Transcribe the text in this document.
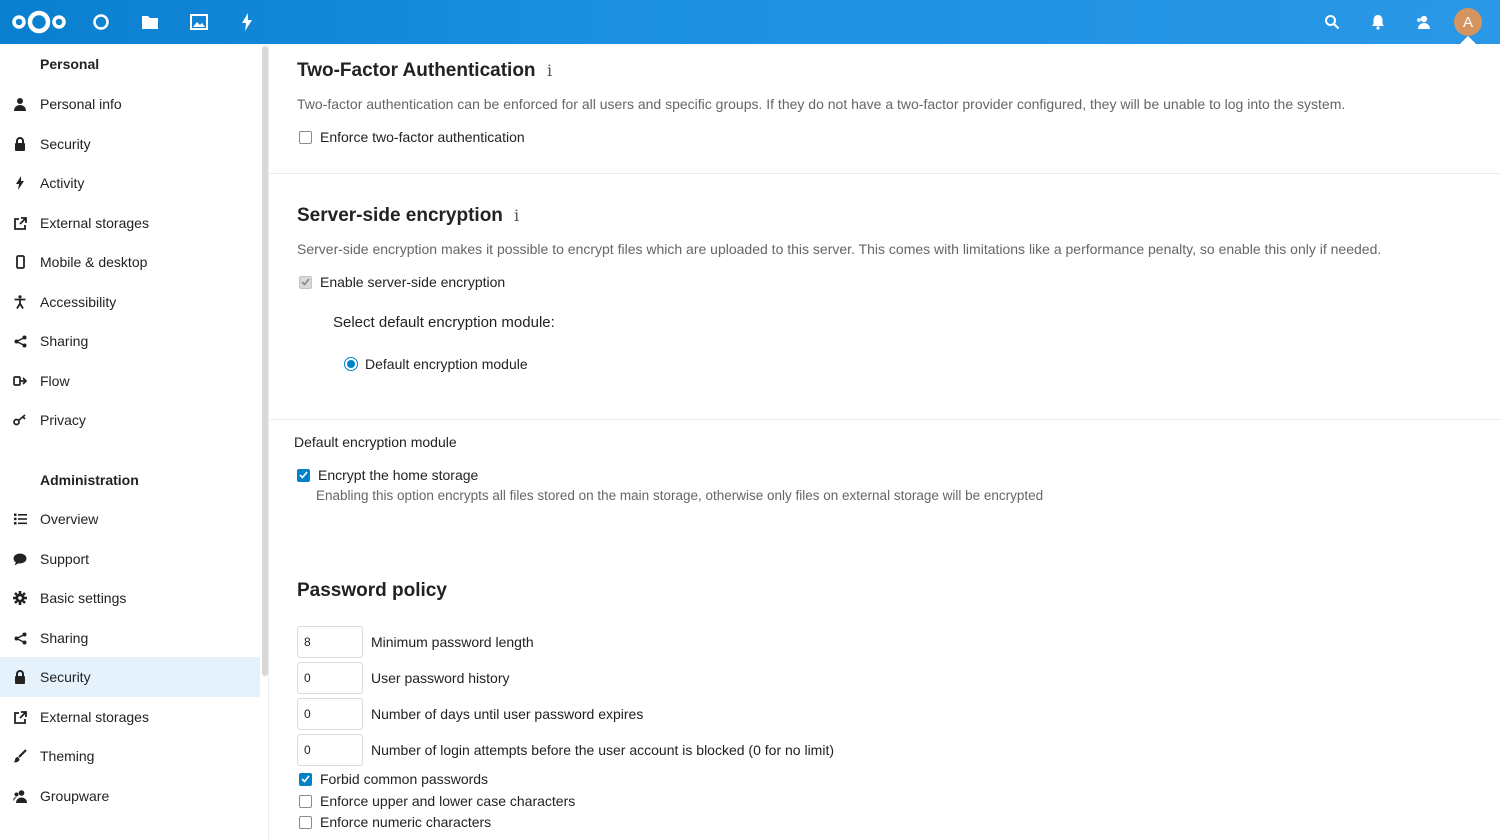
A
Personal
Personal info
Security
Activity
External storages
Mobile & desktop
Accessibility
Sharing
Flow
Privacy
Administration
Overview
Support
Basic settings
Sharing
Security
External storages
Theming
Groupware
Two-Factor Authentication i
Two-factor authentication can be enforced for all users and specific groups. If they do not have a two-factor provider configured, they will be unable to log into the system.
Enforce two-factor authentication
Server-side encryption i
Server-side encryption makes it possible to encrypt files which are uploaded to this server. This comes with limitations like a performance penalty, so enable this only if needed.
Enable server-side encryption
Select default encryption module:
Default encryption module
Default encryption module
Encrypt the home storage
Enabling this option encrypts all files stored on the main storage, otherwise only files on external storage will be encrypted
Password policy
8	Minimum password length
0	User password history
0	Number of days until user password expires
0	Number of login attempts before the user account is blocked (0 for no limit)
Forbid common passwords
Enforce upper and lower case characters
Enforce numeric characters
